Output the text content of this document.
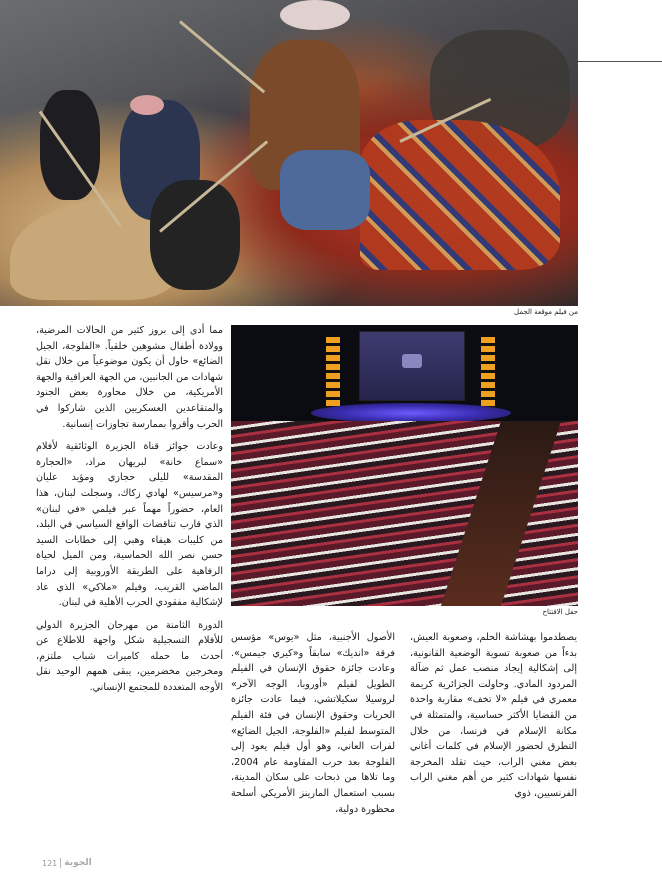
من فيلم موقعة الجمل
حفل الافتتاح

مما أدى إلى بروز كثير من الحالات المرضية، وولادة أطفال مشوهين خلقياً. «الفلوجة، الجيل الضائع» حاول أن يكون موضوعياً من خلال نقل شهادات من الجانبين، من الجهة العراقية والجهة الأمريكية، من خلال محاورة بعض الجنود والمتقاعدين العسكريين الذين شاركوا في الحرب وأقروا بممارسة تجاوزات إنسانية.

وعادت جوائز قناة الجزيرة الوثائقية لأفلام «سماع خانة» لبريهان مراد، «الحجارة المقدسة» لليلى حجازي ومؤيد عليان و«مرسيس» لهادي زكاك، وسجلت لبنان، هذا العام، حضوراً مهماً عبر فيلمي «في لبنان» الذي قارب تناقضات الواقع السياسي في البلد، من كليبات هيفاء وهبي إلى خطابات السيد حسن نصر الله الحماسية، ومن الميل لحياة الرفاهية على الطريقة الأوروبية إلى دراما الماضي القريب، وفيلم «ملاكي» الذي عاد لإشكالية مفقودي الحرب الأهلية في لبنان.

الدورة الثامنة من مهرجان الجزيرة الدولي للأفلام التسجيلية شكل واجهة للاطلاع عن أحدث ما حمله كاميرات شباب ملتزم، ومخرجين مخضرمين، يبقى همهم الوحيد نقل الأوجه المتعددة للمجتمع الإنساني.

الأصول الأجنبية، مثل «يوس» مؤسس فرقة «انديك» سابقاً و«كيري جيمس». وعادت جائزة حقوق الإنسان في الفيلم الطويل لفيلم «أوروبا، الوجه الآخر» لروسيلا سكيلاتشي، فيما عادت جائزة الحريات وحقوق الإنسان في فئة الفيلم المتوسط لفيلم «الفلوجة، الجيل الضائع» لفرات العاني، وهو أول فيلم يعود إلى الفلوجة بعد حرب المقاومة عام 2004، وما تلاها من ذبحات على سكان المدينة، بسبب استعمال المارينز الأمريكي أسلحة محظورة دولية،

يصطدموا بهشاشة الحلم، وصعوبة العيش، بدءاً من صعوبة تسوية الوضعية القانونية، إلى إشكالية إيجاد منصب عمل ثم ضآلة المردود المادي. وحاولت الجزائرية كريمة معمري في فيلم «لا تخف» مقاربة واحدة من القضايا الأكثر حساسية، والمتمثلة في مكانة الإسلام في فرنسا، من خلال التطرق لحضور الإسلام في كلمات أغاني بعض مغني الراب، حيث تقلد المخرجة نفسها شهادات كثير من أهم مغني الراب الفرنسيين، ذوي

121 الجوبة
